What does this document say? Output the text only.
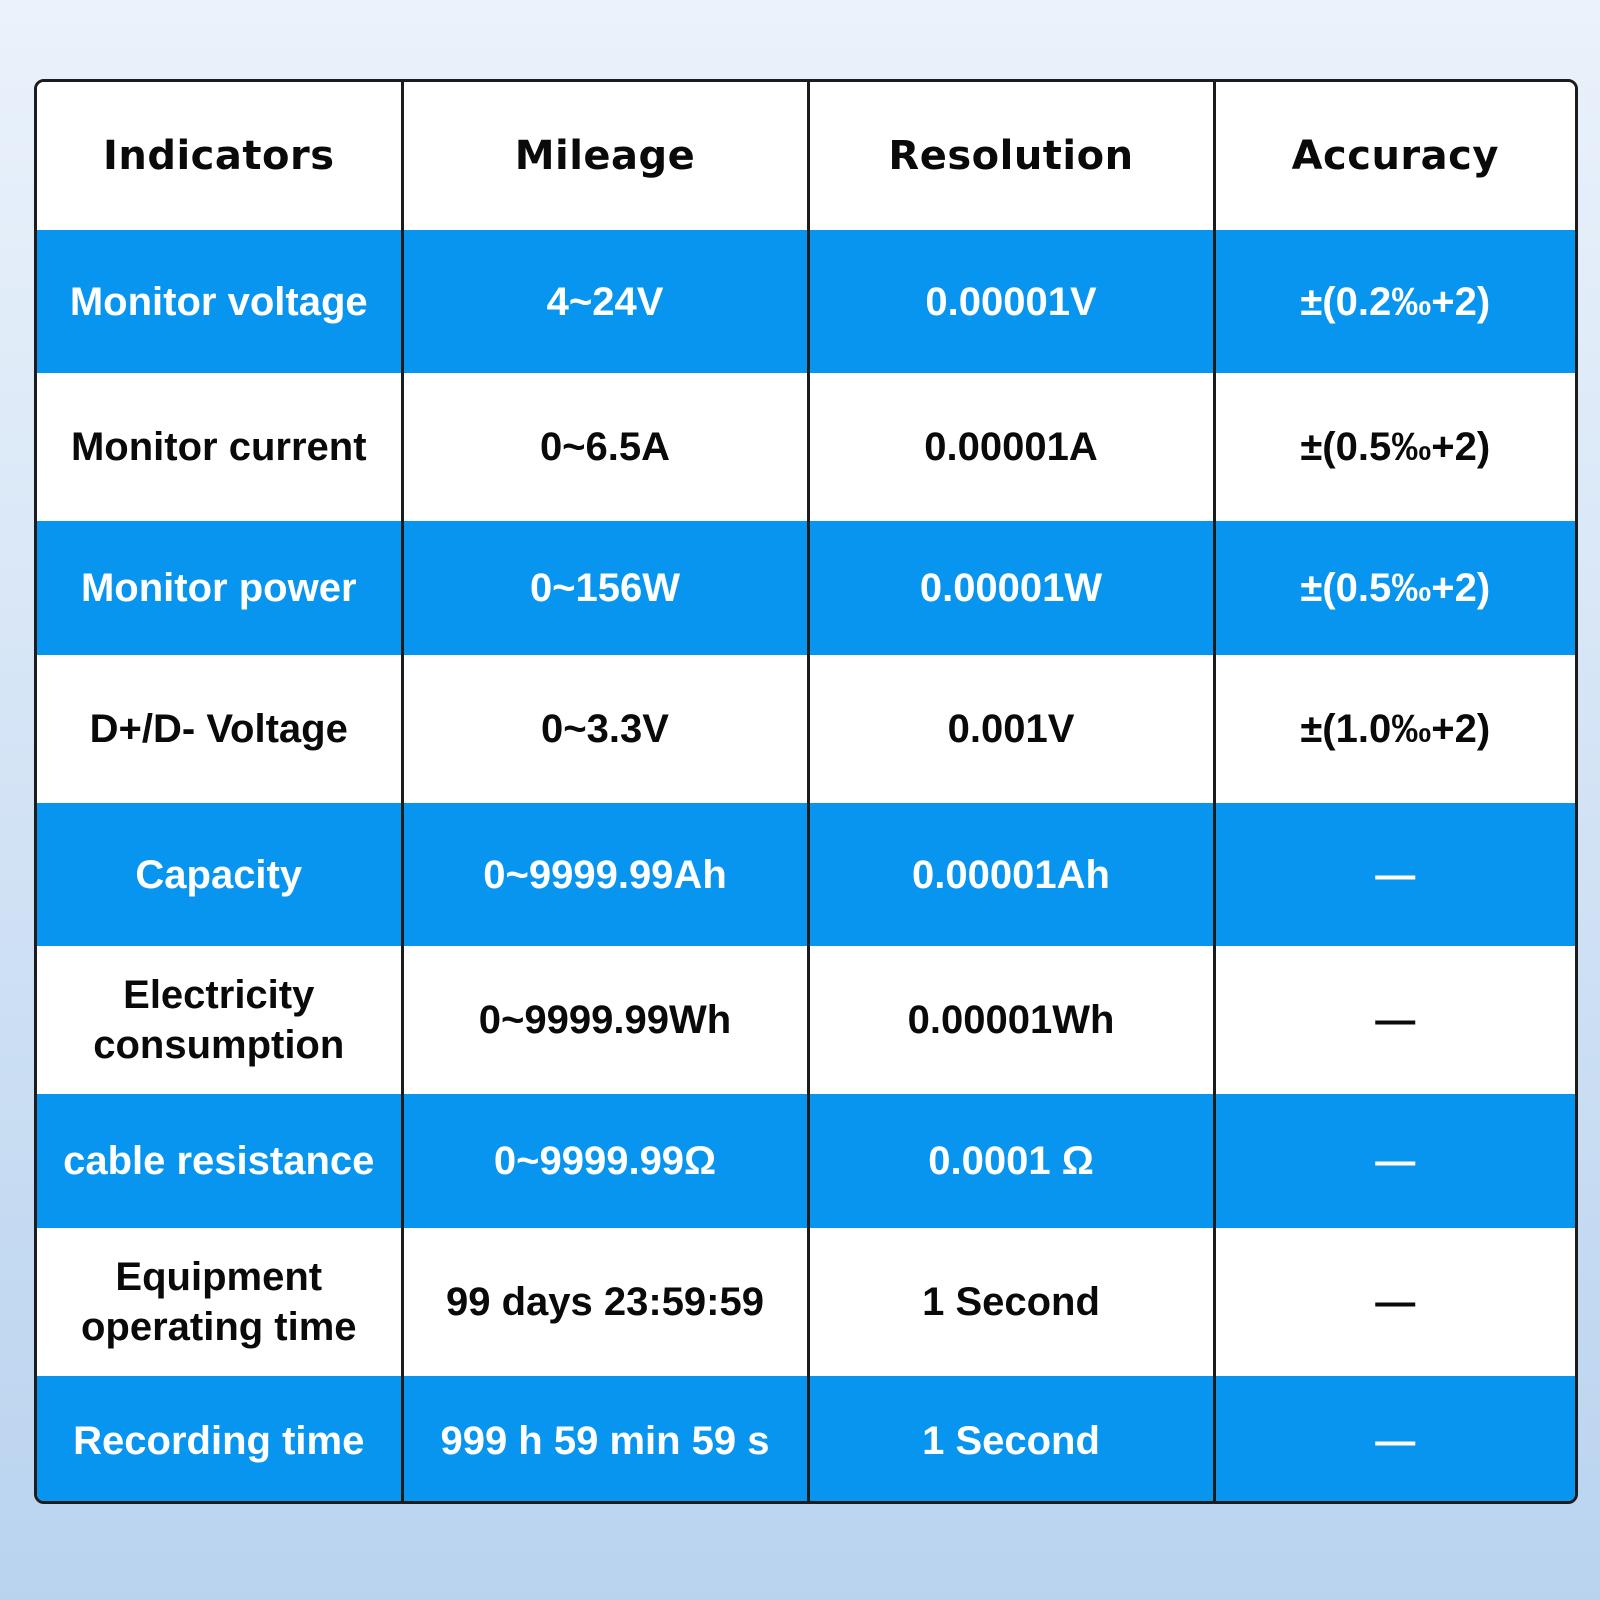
Indicators	Mileage	Resolution	Accuracy
Monitor voltage	4~24V	0.00001V	±(0.2‰+2)
Monitor current	0~6.5A	0.00001A	±(0.5‰+2)
Monitor power	0~156W	0.00001W	±(0.5‰+2)
D+/D- Voltage	0~3.3V	0.001V	±(1.0‰+2)
Capacity	0~9999.99Ah	0.00001Ah	—
Electricity consumption	0~9999.99Wh	0.00001Wh	—
cable resistance	0~9999.99Ω	0.0001 Ω	—
Equipment operating time	99 days 23:59:59	1 Second	—
Recording time	999 h 59 min 59 s	1 Second	—
